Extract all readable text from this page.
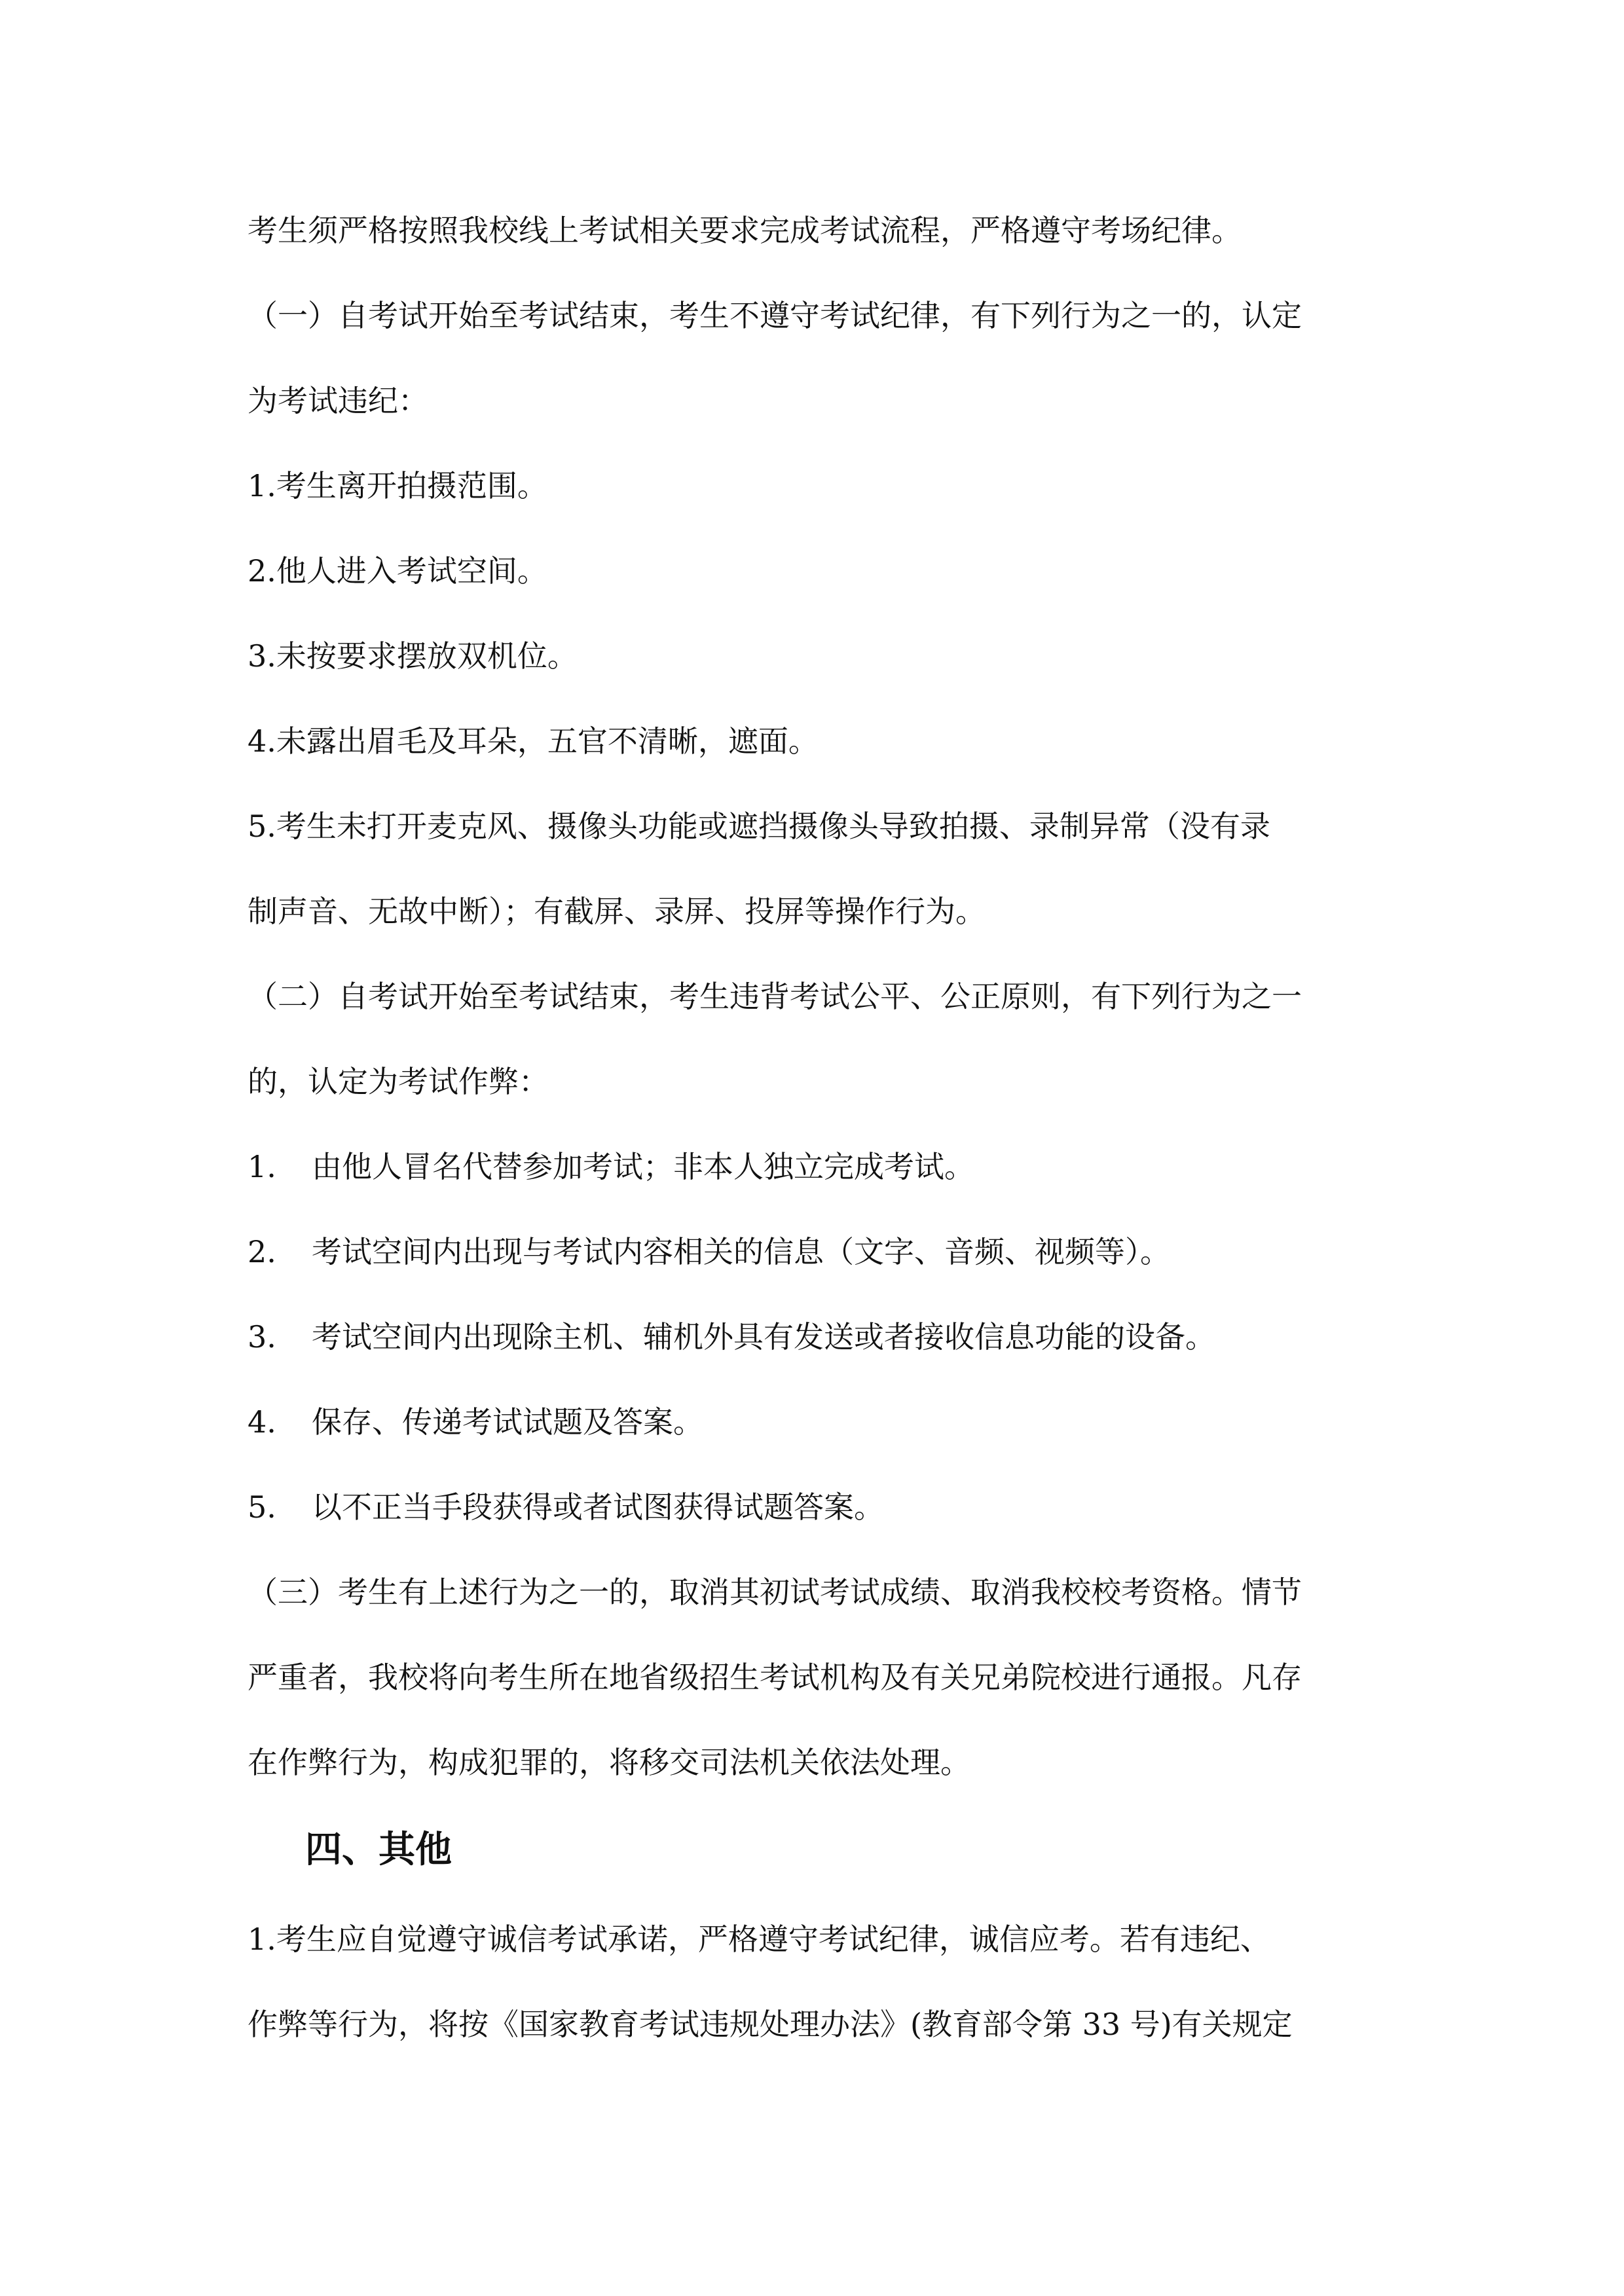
考生须严格按照我校线上考试相关要求完成考试流程，严格遵守考场纪律。
（一）自考试开始至考试结束，考生不遵守考试纪律，有下列行为之一的，认定
为考试违纪：
1.考生离开拍摄范围。
2.他人进入考试空间。
3.未按要求摆放双机位。
4.未露出眉毛及耳朵，五官不清晰，遮面。
5.考生未打开麦克风、摄像头功能或遮挡摄像头导致拍摄、录制异常（没有录
制声音、无故中断）；有截屏、录屏、投屏等操作行为。
（二）自考试开始至考试结束，考生违背考试公平、公正原则，有下列行为之一
的，认定为考试作弊：
1. 由他人冒名代替参加考试；非本人独立完成考试。
2. 考试空间内出现与考试内容相关的信息（文字、音频、视频等）。
3. 考试空间内出现除主机、辅机外具有发送或者接收信息功能的设备。
4. 保存、传递考试试题及答案。
5. 以不正当手段获得或者试图获得试题答案。
（三）考生有上述行为之一的，取消其初试考试成绩、取消我校校考资格。情节
严重者，我校将向考生所在地省级招生考试机构及有关兄弟院校进行通报。凡存
在作弊行为，构成犯罪的，将移交司法机关依法处理。
四、其他
1.考生应自觉遵守诚信考试承诺，严格遵守考试纪律，诚信应考。若有违纪、
作弊等行为，将按《国家教育考试违规处理办法》(教育部令第 33 号)有关规定
